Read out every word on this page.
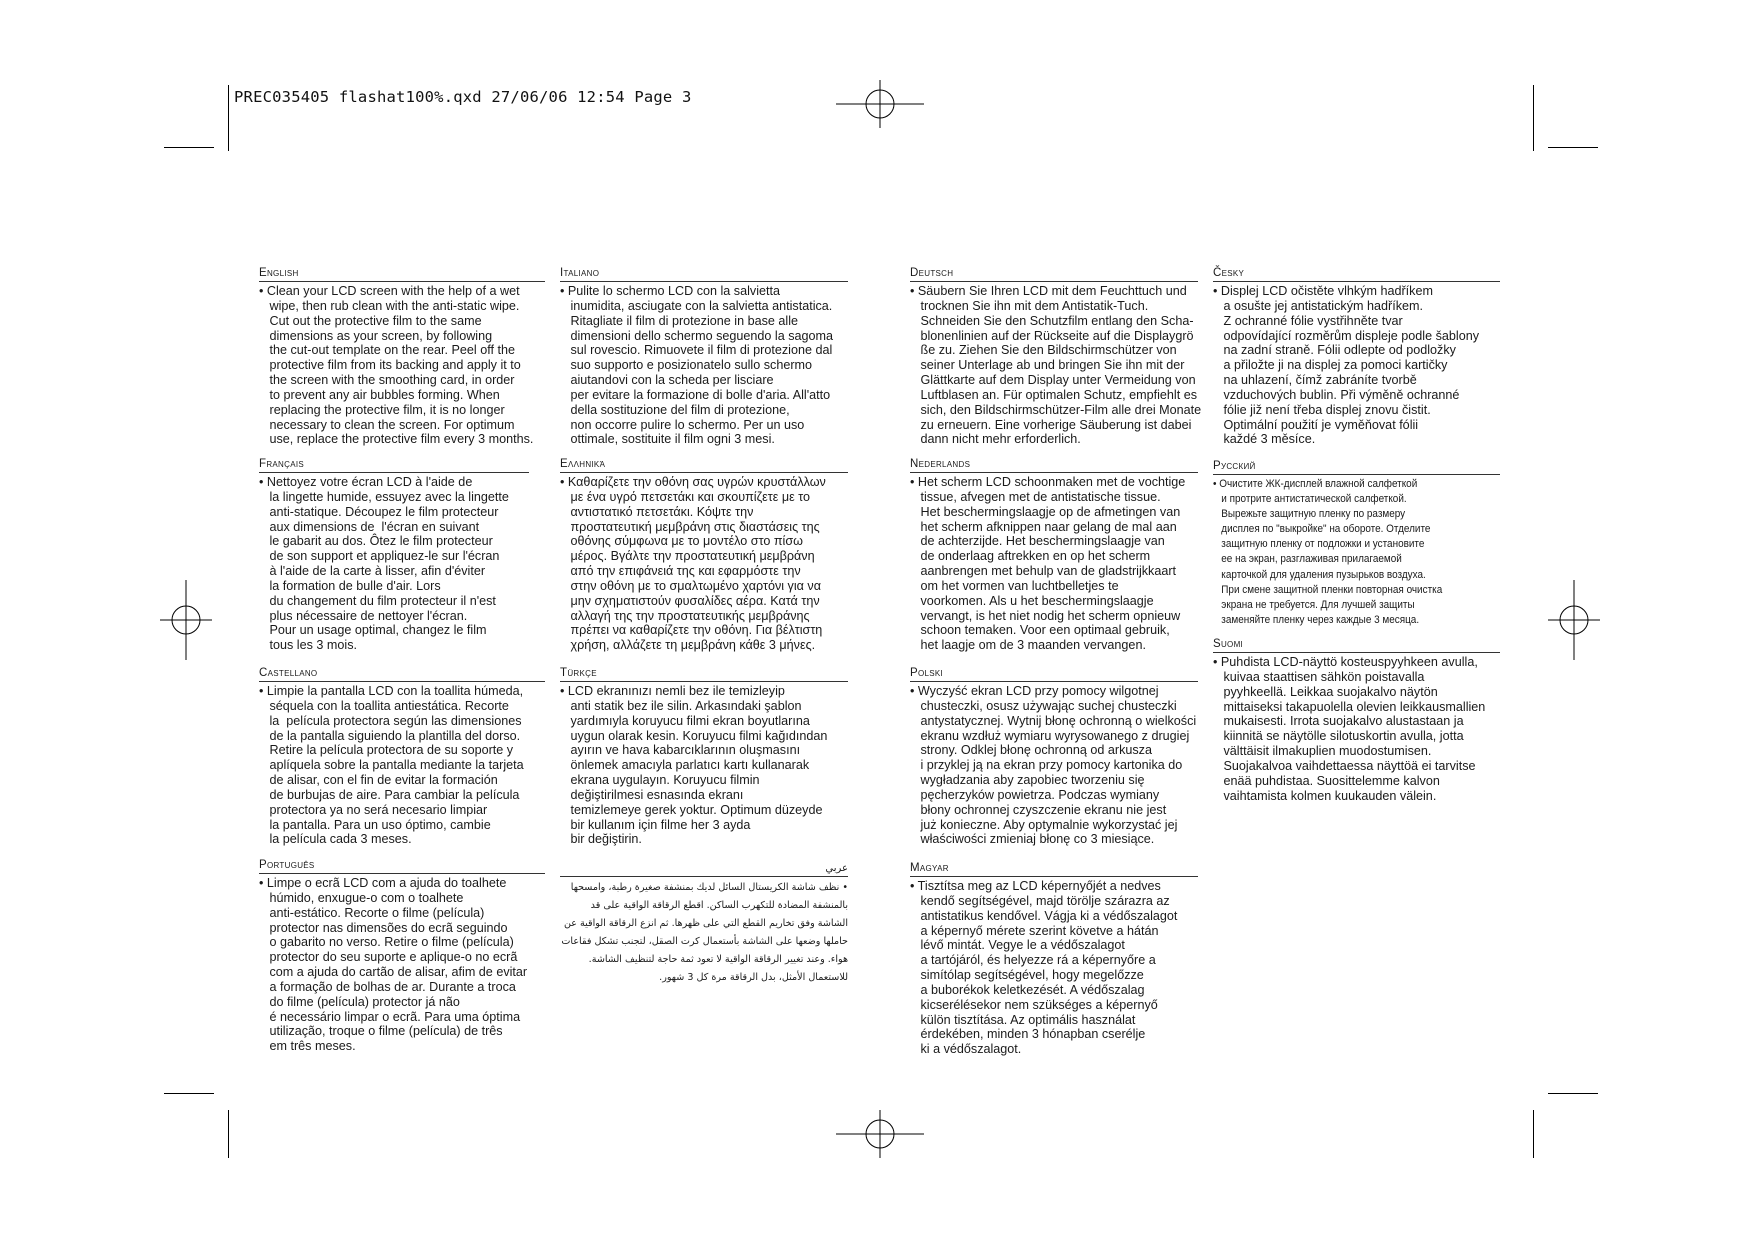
PREC035405 flashat100%.qxd 27/06/06 12:54 Page 3
English
• Clean your LCD screen with the help of a wet
wipe, then rub clean with the anti-static wipe.
Cut out the protective film to the same
dimensions as your screen, by following
the cut-out template on the rear. Peel off the
protective film from its backing and apply it to
the screen with the smoothing card, in order
to prevent any air bubbles forming. When
replacing the protective film, it is no longer
necessary to clean the screen. For optimum
use, replace the protective film every 3 months.
Français
• Nettoyez votre écran LCD à l'aide de
la lingette humide, essuyez avec la lingette
anti-statique. Découpez le film protecteur
aux dimensions de  l'écran en suivant
le gabarit au dos. Ôtez le film protecteur
de son support et appliquez-le sur l'écran
à l'aide de la carte à lisser, afin d'éviter
la formation de bulle d'air. Lors
du changement du film protecteur il n'est
plus nécessaire de nettoyer l'écran.
Pour un usage optimal, changez le film
tous les 3 mois.
Castellano
• Limpie la pantalla LCD con la toallita húmeda,
séquela con la toallita antiestática. Recorte
la  película protectora según las dimensiones
de la pantalla siguiendo la plantilla del dorso.
Retire la película protectora de su soporte y
aplíquela sobre la pantalla mediante la tarjeta
de alisar, con el fin de evitar la formación
de burbujas de aire. Para cambiar la película
protectora ya no será necesario limpiar
la pantalla. Para un uso óptimo, cambie
la película cada 3 meses.
Português
• Limpe o ecrã LCD com a ajuda do toalhete
húmido, enxugue-o com o toalhete
anti-estático. Recorte o filme (película)
protector nas dimensões do ecrã seguindo
o gabarito no verso. Retire o filme (película)
protector do seu suporte e aplique-o no ecrã
com a ajuda do cartão de alisar, afim de evitar
a formação de bolhas de ar. Durante a troca
do filme (película) protector já não
é necessário limpar o ecrã. Para uma óptima
utilização, troque o filme (película) de três
em três meses.
Italiano
• Pulite lo schermo LCD con la salvietta
inumidita, asciugate con la salvietta antistatica.
Ritagliate il film di protezione in base alle
dimensioni dello schermo seguendo la sagoma
sul rovescio. Rimuovete il film di protezione dal
suo supporto e posizionatelo sullo schermo
aiutandovi con la scheda per lisciare
per evitare la formazione di bolle d'aria. All'atto
della sostituzione del film di protezione,
non occorre pulire lo schermo. Per un uso
ottimale, sostituite il film ogni 3 mesi.
Ελληνικά
• Καθαρίζετε την οθόνη σας υγρών κρυστάλλων
με ένα υγρό πετσετάκι και σκουπίζετε με το
αντιστατικό πετσετάκι. Κόψτε την
προστατευτική μεμβράνη στις διαστάσεις της
οθόνης σύμφωνα με το μοντέλο στο πίσω
μέρος. Βγάλτε την προστατευτική μεμβράνη
από την επιφάνειά της και εφαρμόστε την
στην οθόνη με το σμαλτωμένο χαρτόνι για να
μην σχηματιστούν φυσαλίδες αέρα. Κατά την
αλλαγή της την προστατευτικής μεμβράνης
πρέπει να καθαρίζετε την οθόνη. Για βέλτιστη
χρήση, αλλάζετε τη μεμβράνη κάθε 3 μήνες.
Türkçe
• LCD ekranınızı nemli bez ile temizleyip
anti statik bez ile silin. Arkasındaki şablon
yardımıyla koruyucu filmi ekran boyutlarına
uygun olarak kesin. Koruyucu filmi kağıdından
ayırın ve hava kabarcıklarının oluşmasını
önlemek amacıyla parlatıcı kartı kullanarak
ekrana uygulayın. Koruyucu filmin
değiştirilmesi esnasında ekranı
temizlemeye gerek yoktur. Optimum düzeyde
bir kullanım için filme her 3 ayda
bir değiştirin.
عربي
• نظف شاشة الكريستال السائل لديك بمنشفة صغيرة رطبة، وامسحها بالمنشفة المضادة للتكهرب الساكن. اقطع الرقاقة الواقية على قد الشاشة وفق تخاريم القطع التي على ظهرها. ثم انزع الرقاقة الواقية عن حاملها وضعها على الشاشة بأستعمال كرت الصقل، لتجنب تشكل فقاعات هواء. وعند تغيير الرقاقة الواقية لا تعود ثمة حاجة لتنظيف الشاشة. للاستعمال الأمثل، بدل الرقاقة مرة كل 3 شهور.
Deutsch
• Säubern Sie Ihren LCD mit dem Feuchttuch und
trocknen Sie ihn mit dem Antistatik-Tuch.
Schneiden Sie den Schutzfilm entlang den Scha-
blonenlinien auf der Rückseite auf die Displaygrö
ße zu. Ziehen Sie den Bildschirmschützer von
seiner Unterlage ab und bringen Sie ihn mit der
Glättkarte auf dem Display unter Vermeidung von
Luftblasen an. Für optimalen Schutz, empfiehlt es
sich, den Bildschirmschützer-Film alle drei Monate
zu erneuern. Eine vorherige Säuberung ist dabei
dann nicht mehr erforderlich.
Nederlands
• Het scherm LCD schoonmaken met de vochtige
tissue, afvegen met de antistatische tissue.
Het beschermingslaagje op de afmetingen van
het scherm afknippen naar gelang de mal aan
de achterzijde. Het beschermingslaagje van
de onderlaag aftrekken en op het scherm
aanbrengen met behulp van de gladstrijkkaart
om het vormen van luchtbelletjes te
voorkomen. Als u het beschermingslaagje
vervangt, is het niet nodig het scherm opnieuw
schoon temaken. Voor een optimaal gebruik,
het laagje om de 3 maanden vervangen.
Polski
• Wyczyść ekran LCD przy pomocy wilgotnej
chusteczki, osusz używając suchej chusteczki
antystatycznej. Wytnij błonę ochronną o wielkości
ekranu wzdłuż wymiaru wyrysowanego z drugiej
strony. Odklej błonę ochronną od arkusza
i przyklej ją na ekran przy pomocy kartonika do
wygładzania aby zapobiec tworzeniu się
pęcherzyków powietrza. Podczas wymiany
błony ochronnej czyszczenie ekranu nie jest
już konieczne. Aby optymalnie wykorzystać jej
właściwości zmieniaj błonę co 3 miesiące.
Magyar
• Tisztítsa meg az LCD képernyőjét a nedves
kendő segítségével, majd törölje szárazra az
antistatikus kendővel. Vágja ki a védőszalagot
a képernyő mérete szerint követve a hátán
lévő mintát. Vegye le a védőszalagot
a tartójáról, és helyezze rá a képernyőre a
simítólap segítségével, hogy megelőzze
a buborékok keletkezését. A védőszalag
kicserélésekor nem szükséges a képernyő
külön tisztítása. Az optimális használat
érdekében, minden 3 hónapban cserélje
ki a védőszalagot.
Česky
• Displej LCD očistěte vlhkým hadříkem
a osušte jej antistatickým hadříkem.
Z ochranné fólie vystřihněte tvar
odpovídající rozměrům displeje podle šablony
na zadní straně. Fólii odlepte od podložky
a přiložte ji na displej za pomoci kartičky
na uhlazení, čímž zabráníte tvorbě
vzduchových bublin. Při výměně ochranné
fólie již není třeba displej znovu čistit.
Optimální použití je vyměňovat fólii
každé 3 měsíce.
Русский
• Очистите ЖК-дисплей влажной салфеткой
и протрите антистатической салфеткой.
Вырежьте защитную пленку по размеру
дисплея по "выкройке" на обороте. Отделите
защитную пленку от подложки и установите
ее на экран, разглаживая прилагаемой
карточкой для удаления пузырьков воздуха.
При смене защитной пленки повторная очистка
экрана не требуется. Для лучшей защиты
заменяйте пленку через каждые 3 месяца.
Suomi
• Puhdista LCD-näyttö kosteuspyyhkeen avulla,
kuivaa staattisen sähkön poistavalla
pyyhkeellä. Leikkaa suojakalvo näytön
mittaiseksi takapuolella olevien leikkausmallien
mukaisesti. Irrota suojakalvo alustastaan ja
kiinnitä se näytölle silotuskortin avulla, jotta
välttäisit ilmakuplien muodostumisen.
Suojakalvoa vaihdettaessa näyttöä ei tarvitse
enää puhdistaa. Suosittelemme kalvon
vaihtamista kolmen kuukauden välein.
